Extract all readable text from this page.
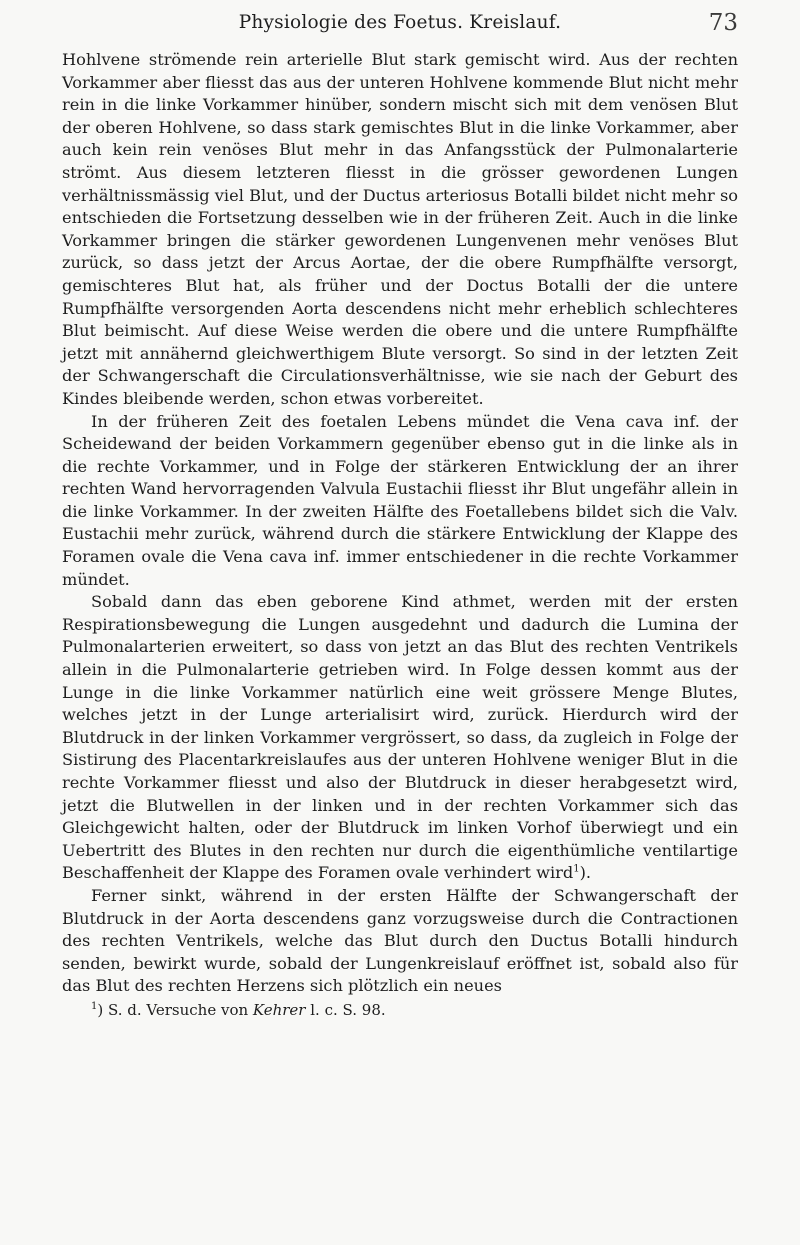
Physiologie des Foetus. Kreislauf.	73

Hohlvene strömende rein arterielle Blut stark gemischt wird. Aus der rechten Vorkammer aber fliesst das aus der unteren Hohlvene kommende Blut nicht mehr rein in die linke Vorkammer hinüber, sondern mischt sich mit dem venösen Blut der oberen Hohlvene, so dass stark gemischtes Blut in die linke Vorkammer, aber auch kein rein venöses Blut mehr in das Anfangsstück der Pulmonalarterie strömt. Aus diesem letzteren fliesst in die grösser gewordenen Lungen verhältnissmässig viel Blut, und der Ductus arteriosus Botalli bildet nicht mehr so entschieden die Fortsetzung desselben wie in der früheren Zeit. Auch in die linke Vorkammer bringen die stärker gewordenen Lungenvenen mehr venöses Blut zurück, so dass jetzt der Arcus Aortae, der die obere Rumpfhälfte versorgt, gemischteres Blut hat, als früher und der Doctus Botalli der die untere Rumpfhälfte versorgenden Aorta descendens nicht mehr erheblich schlechteres Blut beimischt. Auf diese Weise werden die obere und die untere Rumpfhälfte jetzt mit annähernd gleichwerthigem Blute versorgt. So sind in der letzten Zeit der Schwangerschaft die Circulationsverhältnisse, wie sie nach der Geburt des Kindes bleibende werden, schon etwas vorbereitet.

In der früheren Zeit des foetalen Lebens mündet die Vena cava inf. der Scheidewand der beiden Vorkammern gegenüber ebenso gut in die linke als in die rechte Vorkammer, und in Folge der stärkeren Entwicklung der an ihrer rechten Wand hervorragenden Valvula Eustachii fliesst ihr Blut ungefähr allein in die linke Vorkammer. In der zweiten Hälfte des Foetallebens bildet sich die Valv. Eustachii mehr zurück, während durch die stärkere Entwicklung der Klappe des Foramen ovale die Vena cava inf. immer entschiedener in die rechte Vorkammer mündet.

Sobald dann das eben geborene Kind athmet, werden mit der ersten Respirationsbewegung die Lungen ausgedehnt und dadurch die Lumina der Pulmonalarterien erweitert, so dass von jetzt an das Blut des rechten Ventrikels allein in die Pulmonalarterie getrieben wird. In Folge dessen kommt aus der Lunge in die linke Vorkammer natürlich eine weit grössere Menge Blutes, welches jetzt in der Lunge arterialisirt wird, zurück. Hierdurch wird der Blutdruck in der linken Vorkammer vergrössert, so dass, da zugleich in Folge der Sistirung des Placentarkreislaufes aus der unteren Hohlvene weniger Blut in die rechte Vorkammer fliesst und also der Blutdruck in dieser herabgesetzt wird, jetzt die Blutwellen in der linken und in der rechten Vorkammer sich das Gleichgewicht halten, oder der Blutdruck im linken Vorhof überwiegt und ein Uebertritt des Blutes in den rechten nur durch die eigenthümliche ventilartige Beschaffenheit der Klappe des Foramen ovale verhindert wird$^1$).

Ferner sinkt, während in der ersten Hälfte der Schwangerschaft der Blutdruck in der Aorta descendens ganz vorzugsweise durch die Contractionen des rechten Ventrikels, welche das Blut durch den Ductus Botalli hindurch senden, bewirkt wurde, sobald der Lungenkreislauf eröffnet ist, sobald also für das Blut des rechten Herzens sich plötzlich ein neues

$^1$) S. d. Versuche von Kehrer l. c. S. 98.
